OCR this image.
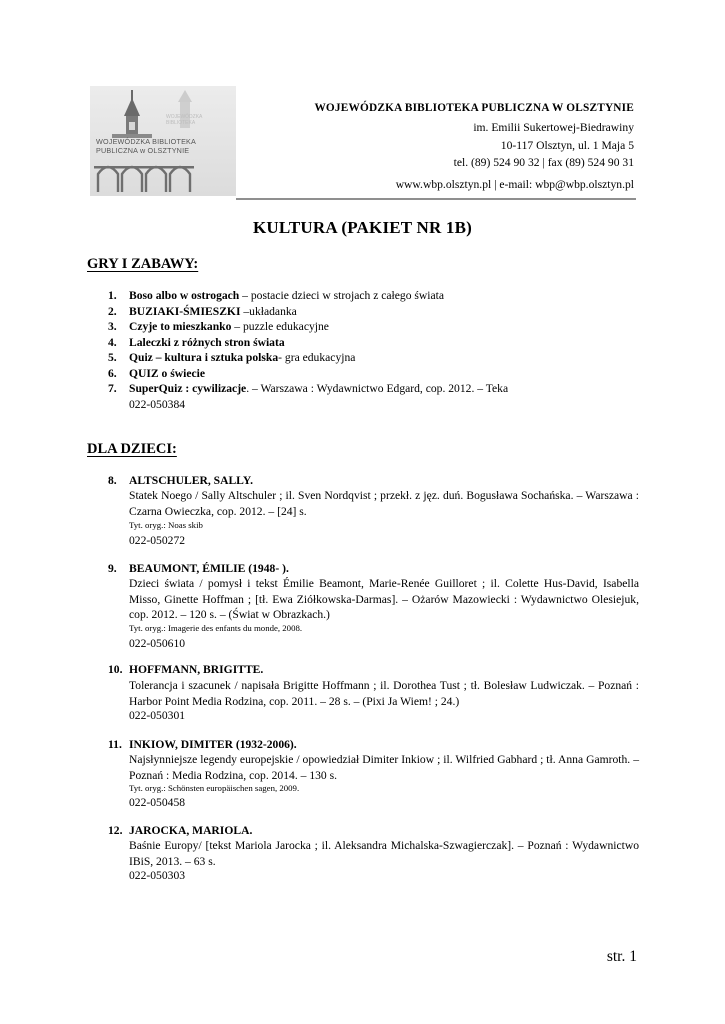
WOJEWÓDZKA
BIBLIOTEKA
WOJEWÓDZKA BIBLIOTEKA
PUBLICZNA w OLSZTYNIE
WOJEWÓDZKA BIBLIOTEKA PUBLICZNA W OLSZTYNIE
im. Emilii Sukertowej-Biedrawiny
10-117 Olsztyn, ul. 1 Maja 5
tel. (89) 524 90 32 | fax (89) 524 90 31
www.wbp.olsztyn.pl | e-mail: wbp@wbp.olsztyn.pl
KULTURA (PAKIET NR 1B)
GRY I ZABAWY:
1. Boso albo w ostrogach – postacie dzieci w strojach z całego świata
2. BUZIAKI-ŚMIESZKI –układanka
3. Czyje to mieszkanko – puzzle edukacyjne
4. Laleczki z różnych stron świata
5. Quiz – kultura i sztuka polska- gra edukacyjna
6. QUIZ o świecie
7. SuperQuiz : cywilizacje. – Warszawa : Wydawnictwo Edgard, cop. 2012. – Teka
022-050384
DLA DZIECI:
8. ALTSCHULER, SALLY.
Statek Noego / Sally Altschuler ; il. Sven Nordqvist ; przekł. z jęz. duń. Bogusława Sochańska. – Warszawa : Czarna Owieczka, cop. 2012. – [24] s.
Tyt. oryg.: Noas skib
022-050272
9. BEAUMONT, ÉMILIE (1948- ).
Dzieci świata / pomysł i tekst Émilie Beamont, Marie-Renée Guilloret ; il. Colette Hus-David, Isabella Misso, Ginette Hoffman ; [tł. Ewa Ziółkowska-Darmas]. – Ożarów Mazowiecki : Wydawnictwo Olesiejuk, cop. 2012. – 120 s. – (Świat w Obrazkach.)
Tyt. oryg.: Imagerie des enfants du monde, 2008.
022-050610
10. HOFFMANN, BRIGITTE.
Tolerancja i szacunek / napisała Brigitte Hoffmann ; il. Dorothea Tust ; tł. Bolesław Ludwiczak. – Poznań : Harbor Point Media Rodzina, cop. 2011. – 28 s. – (Pixi Ja Wiem! ; 24.)
022-050301
11. INKIOW, DIMITER (1932-2006).
Najsłynniejsze legendy europejskie / opowiedział Dimiter Inkiow ; il. Wilfried Gabhard ; tł. Anna Gamroth. – Poznań : Media Rodzina, cop. 2014. – 130 s.
Tyt. oryg.: Schönsten europäischen sagen, 2009.
022-050458
12. JAROCKA, MARIOLA.
Baśnie Europy/ [tekst Mariola Jarocka ; il. Aleksandra Michalska-Szwagierczak]. – Poznań : Wydawnictwo IBiS, 2013. – 63 s.
022-050303
str. 1
